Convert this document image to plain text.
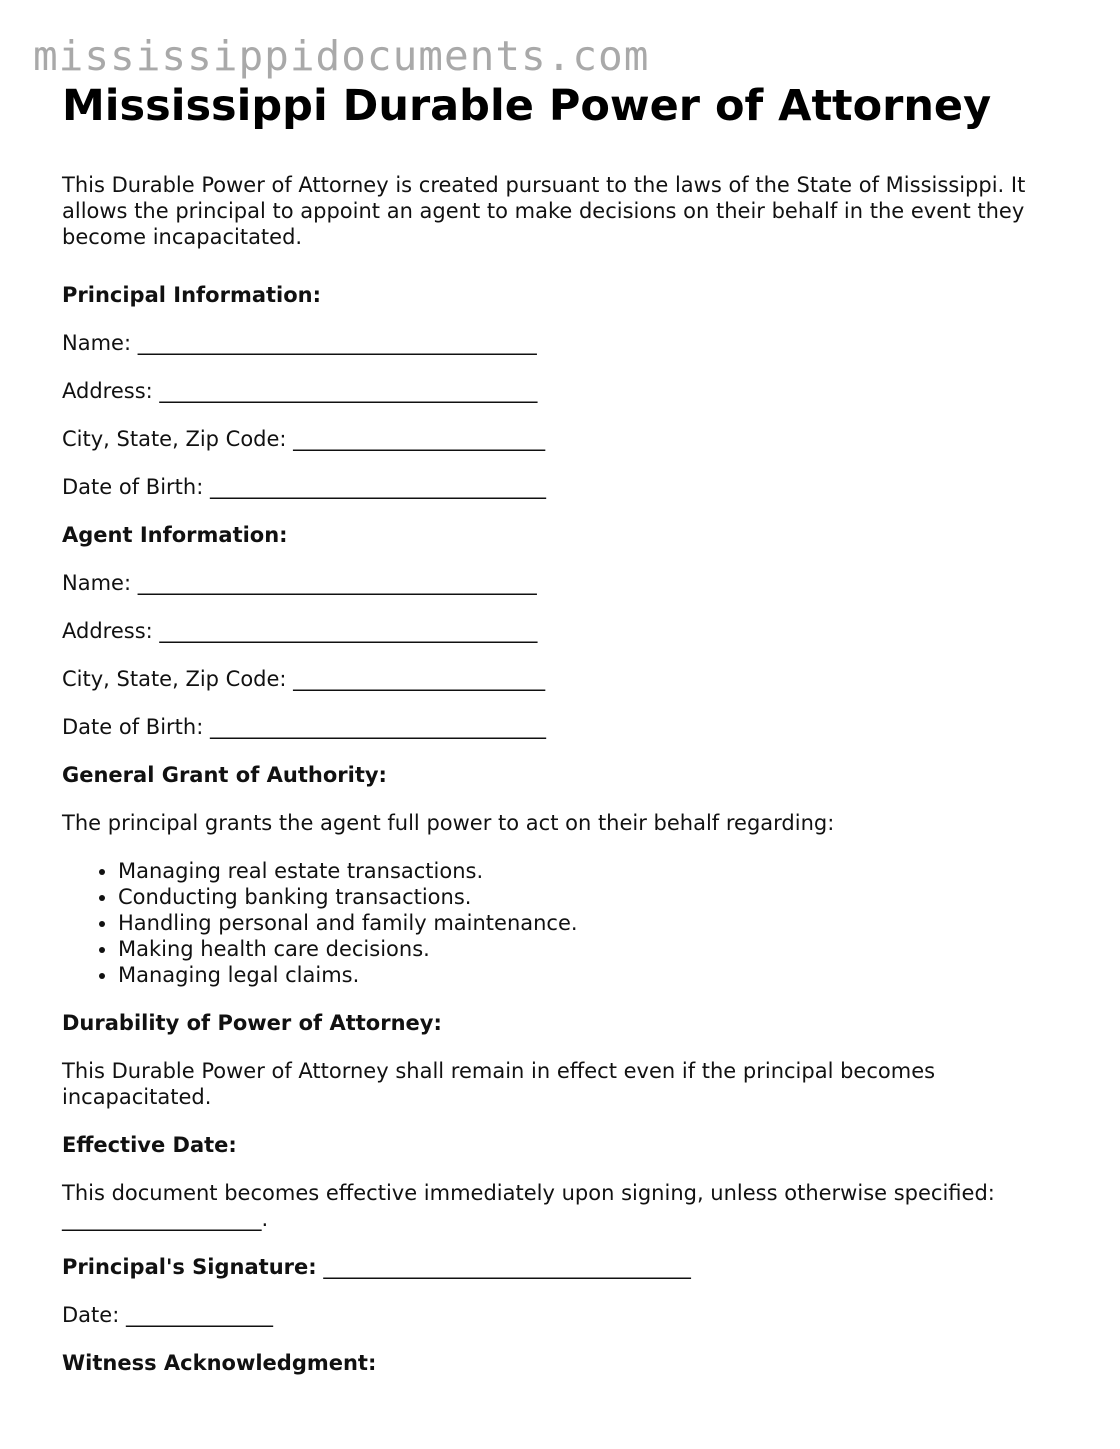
mississippidocuments.com
Mississippi Durable Power of Attorney

This Durable Power of Attorney is created pursuant to the laws of the State of Mississippi. It allows the principal to appoint an agent to make decisions on their behalf in the event they become incapacitated.

Principal Information:

Name: ______________________________________

Address: ____________________________________

City, State, Zip Code: ________________________

Date of Birth: ________________________________

Agent Information:

Name: ______________________________________

Address: ____________________________________

City, State, Zip Code: ________________________

Date of Birth: ________________________________

General Grant of Authority:

The principal grants the agent full power to act on their behalf regarding:

• Managing real estate transactions.
• Conducting banking transactions.
• Handling personal and family maintenance.
• Making health care decisions.
• Managing legal claims.

Durability of Power of Attorney:

This Durable Power of Attorney shall remain in effect even if the principal becomes incapacitated.

Effective Date:

This document becomes effective immediately upon signing, unless otherwise specified: ___________________.

Principal's Signature: ___________________________________

Date: ______________

Witness Acknowledgment:
